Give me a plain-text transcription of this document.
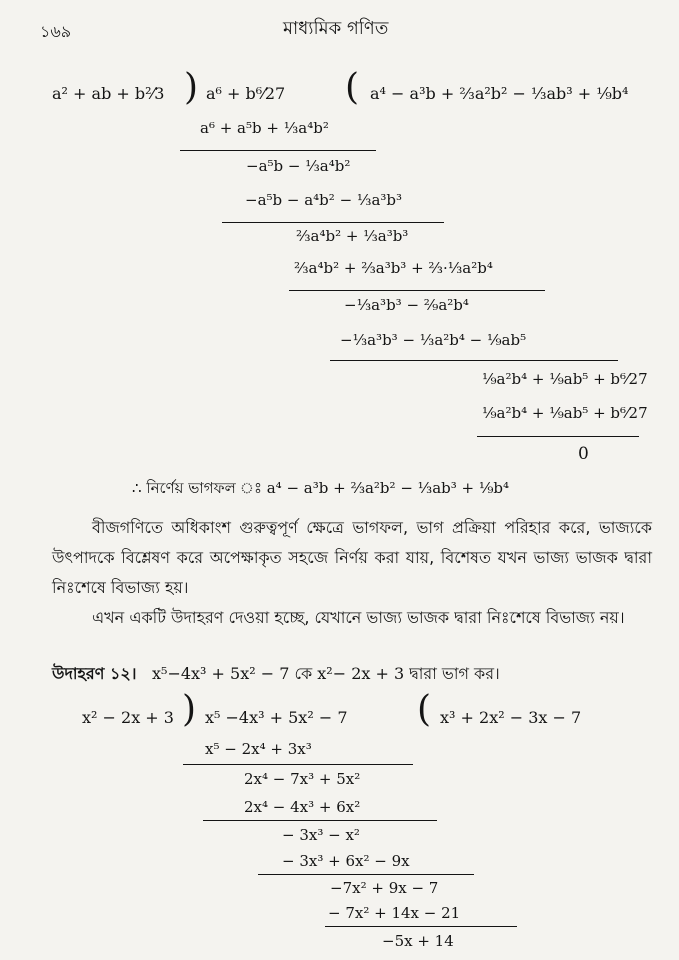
১৬৯	মাধ্যমিক গণিত
a² + ab + b²⁄3 ) a⁶ + b⁶⁄27 ( a⁴ − a³b + ⅔a²b² − ⅓ab³ + ⅑b⁴
a⁶ + a⁵b + ⅓a⁴b²
−a⁵b − ⅓a⁴b²
−a⁵b − a⁴b² − ⅓a³b³
⅔a⁴b² + ⅓a³b³
⅔a⁴b² + ⅔a³b³ + ⅔·⅓a²b⁴
−⅓a³b³ − ²⁄₉a²b⁴
−⅓a³b³ − ⅓a²b⁴ − ⅑ab⁵
⅑a²b⁴ + ⅑ab⁵ + b⁶⁄27
⅑a²b⁴ + ⅑ab⁵ + b⁶⁄27
0
∴ নির্ণেয় ভাগফল ঃ a⁴ − a³b + ⅔a²b² − ⅓ab³ + ⅑b⁴
বীজগণিতে অধিকাংশ গুরুত্বপূর্ণ ক্ষেত্রে ভাগফল, ভাগ প্রক্রিয়া পরিহার করে, ভাজ্যকে উৎপাদকে বিশ্লেষণ করে অপেক্ষাকৃত সহজে নির্ণয় করা যায়, বিশেষত যখন ভাজ্য ভাজক দ্বারা নিঃশেষে বিভাজ্য হয়।
এখন একটি উদাহরণ দেওয়া হচ্ছে, যেখানে ভাজ্য ভাজক দ্বারা নিঃশেষে বিভাজ্য নয়।
উদাহরণ ১২। x⁵−4x³ + 5x² − 7 কে x²− 2x + 3 দ্বারা ভাগ কর।
x² − 2x + 3 ) x⁵ −4x³ + 5x² − 7 ( x³ + 2x² − 3x − 7
x⁵ − 2x⁴ + 3x³
2x⁴ − 7x³ + 5x²
2x⁴ − 4x³ + 6x²
− 3x³ − x²
− 3x³ + 6x² − 9x
−7x² + 9x − 7
− 7x² + 14x − 21
−5x + 14
